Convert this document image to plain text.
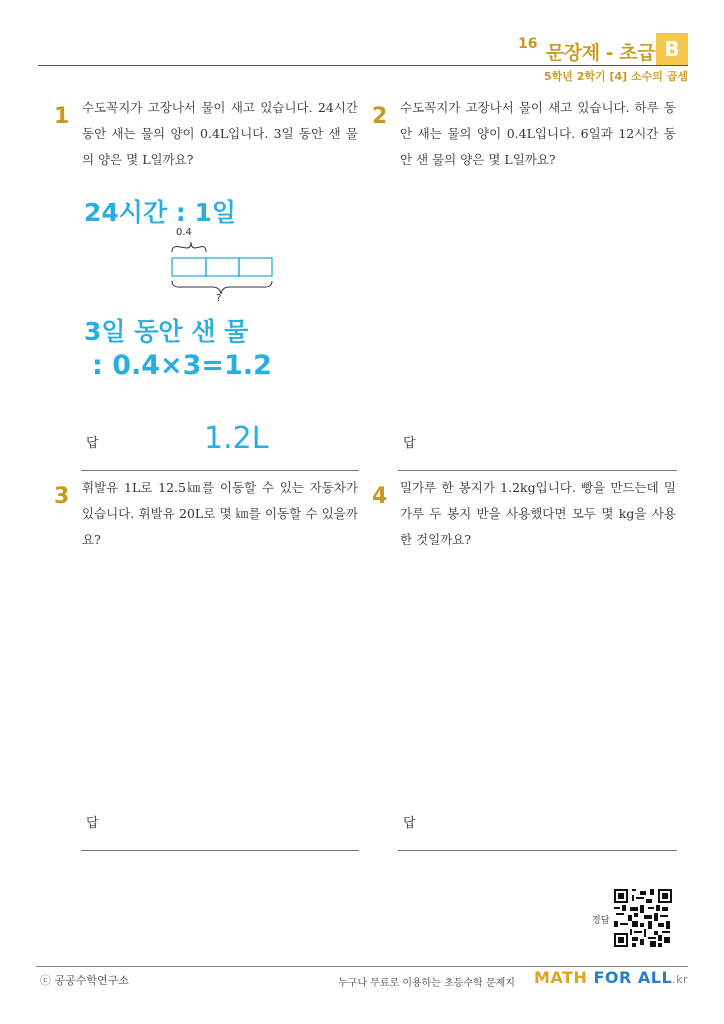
16 문장제 - 초급 B
5학년 2학기 [4] 소수의 곱셈
1 수도꼭지가 고장나서 물이 새고 있습니다. 24시간 동안 새는 물의 양이 0.4L입니다. 3일 동안 샌 물의 양은 몇 L일까요?
2 수도꼭지가 고장나서 물이 새고 있습니다. 하루 동안 새는 물의 양이 0.4L입니다. 6일과 12시간 동안 샌 물의 양은 몇 L일까요?
24시간 : 1일
0.4
?
3일 동안 샌 물
: 0.4×3=1.2
답	1.2L	답
3 휘발유 1L로 12.5㎞를 이동할 수 있는 자동차가 있습니다. 휘발유 20L로 몇 ㎞를 이동할 수 있을까요?
4 밀가루 한 봉지가 1.2kg입니다. 빵을 만드는데 밀가루 두 봉지 반을 사용했다면 모두 몇 kg을 사용한 것일까요?
답	답
정답
ⓒ 공공수학연구소	누구나 무료로 이용하는 초등수학 문제지 MATH FOR ALL.kr
